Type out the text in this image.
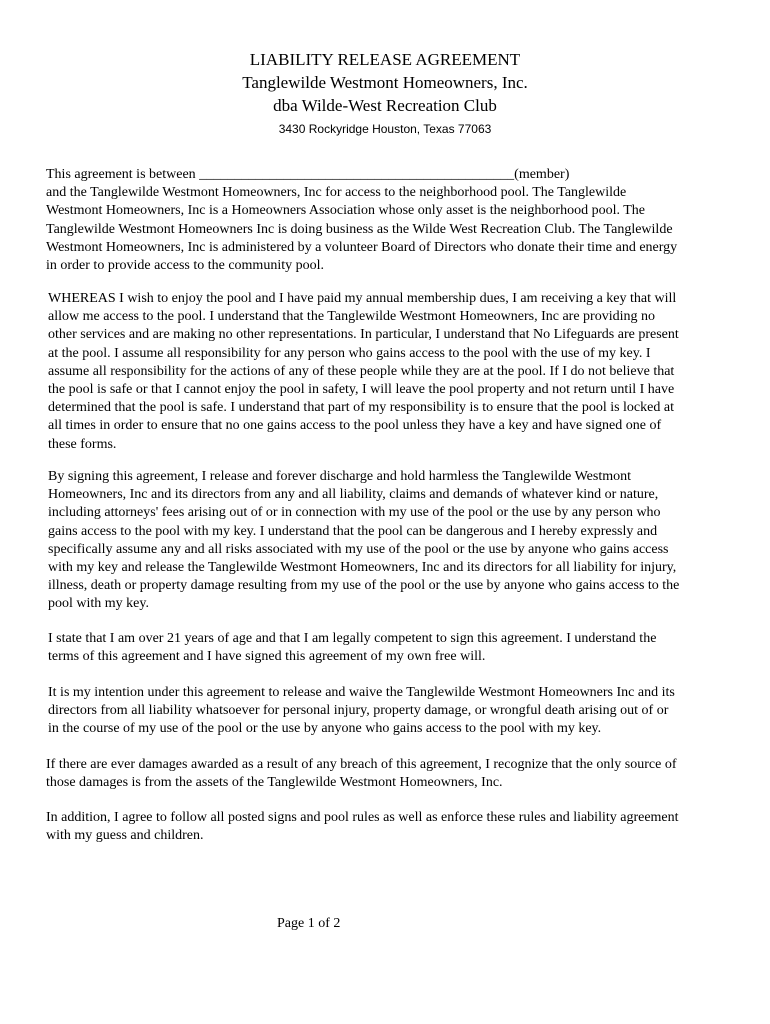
LIABILITY RELEASE AGREEMENT
Tanglewilde Westmont Homeowners, Inc.
dba Wilde-West Recreation Club
3430 Rockyridge Houston, Texas 77063
This agreement is between _____________________________________________(member)
and the Tanglewilde Westmont Homeowners, Inc for access to the neighborhood pool. The Tanglewilde
Westmont Homeowners, Inc is a Homeowners Association whose only asset is the neighborhood pool. The
Tanglewilde Westmont Homeowners Inc is doing business as the Wilde West Recreation Club. The Tanglewilde
Westmont Homeowners, Inc is administered by a volunteer Board of Directors who donate their time and energy
in order to provide access to the community pool.
WHEREAS I wish to enjoy the pool and I have paid my annual membership dues, I am receiving a key that will
allow me access to the pool. I understand that the Tanglewilde Westmont Homeowners, Inc are providing no
other services and are making no other representations. In particular, I understand that No Lifeguards are present
at the pool. I assume all responsibility for any person who gains access to the pool with the use of my key. I
assume all responsibility for the actions of any of these people while they are at the pool. If I do not believe that
the pool is safe or that I cannot enjoy the pool in safety, I will leave the pool property and not return until I have
determined that the pool is safe. I understand that part of my responsibility is to ensure that the pool is locked at
all times in order to ensure that no one gains access to the pool unless they have a key and have signed one of
these forms.
By signing this agreement, I release and forever discharge and hold harmless the Tanglewilde Westmont
Homeowners, Inc and its directors from any and all liability, claims and demands of whatever kind or nature,
including attorneys' fees arising out of or in connection with my use of the pool or the use by any person who
gains access to the pool with my key. I understand that the pool can be dangerous and I hereby expressly and
specifically assume any and all risks associated with my use of the pool or the use by anyone who gains access
with my key and release the Tanglewilde Westmont Homeowners, Inc and its directors for all liability for injury,
illness, death or property damage resulting from my use of the pool or the use by anyone who gains access to the
pool with my key.
I state that I am over 21 years of age and that I am legally competent to sign this agreement. I understand the
terms of this agreement and I have signed this agreement of my own free will.
It is my intention under this agreement to release and waive the Tanglewilde Westmont Homeowners Inc and its
directors from all liability whatsoever for personal injury, property damage, or wrongful death arising out of or
in the course of my use of the pool or the use by anyone who gains access to the pool with my key.
If there are ever damages awarded as a result of any breach of this agreement, I recognize that the only source of
those damages is from the assets of the Tanglewilde Westmont Homeowners, Inc.
In addition, I agree to follow all posted signs and pool rules as well as enforce these rules and liability agreement
with my guess and children.
Page 1 of 2
